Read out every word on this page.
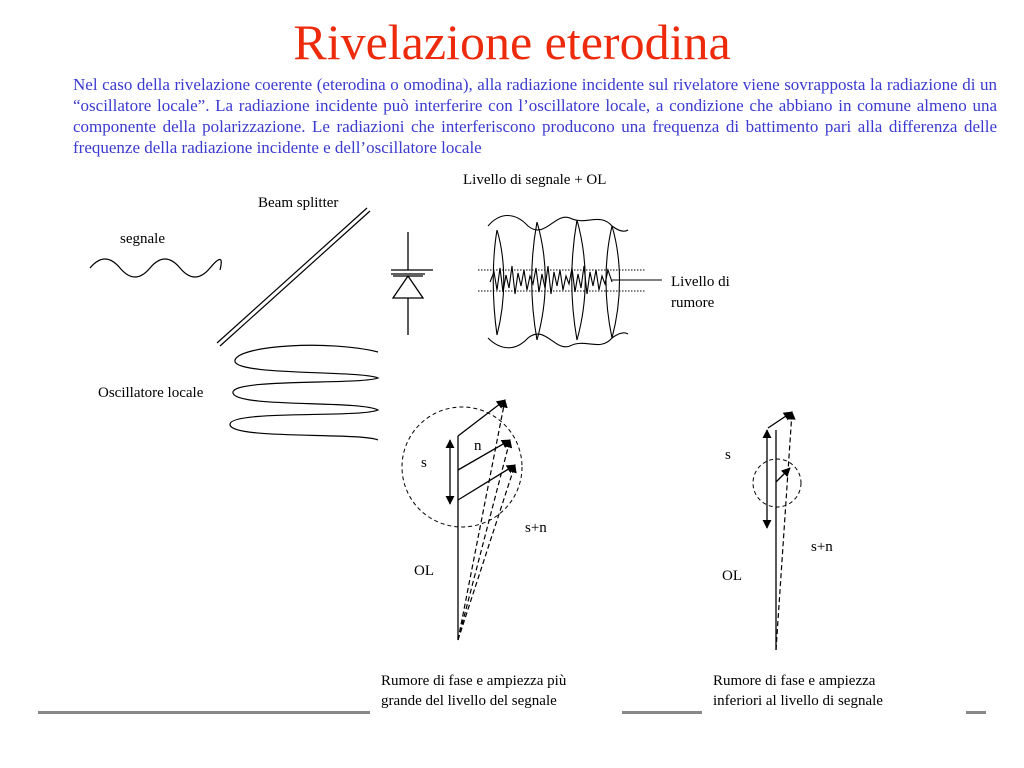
Rivelazione eterodina
Nel caso della rivelazione coerente (eterodina o omodina), alla radiazione incidente sul rivelatore viene sovrapposta la radiazione di un “oscillatore locale”. La radiazione incidente può interferire con l’oscillatore locale, a condizione che abbiano in comune almeno una componente della polarizzazione. Le radiazioni che interferiscono producono una frequenza di battimento pari alla differenza delle frequenze della radiazione incidente e dell’oscillatore locale
segnale
Beam splitter
Oscillatore locale
Livello di segnale + OL
Livello di
rumore
s
n
s+n
OL
s
s+n
OL
Rumore di fase e ampiezza più
grande del livello del segnale
Rumore di fase e ampiezza
inferiori al livello di segnale
